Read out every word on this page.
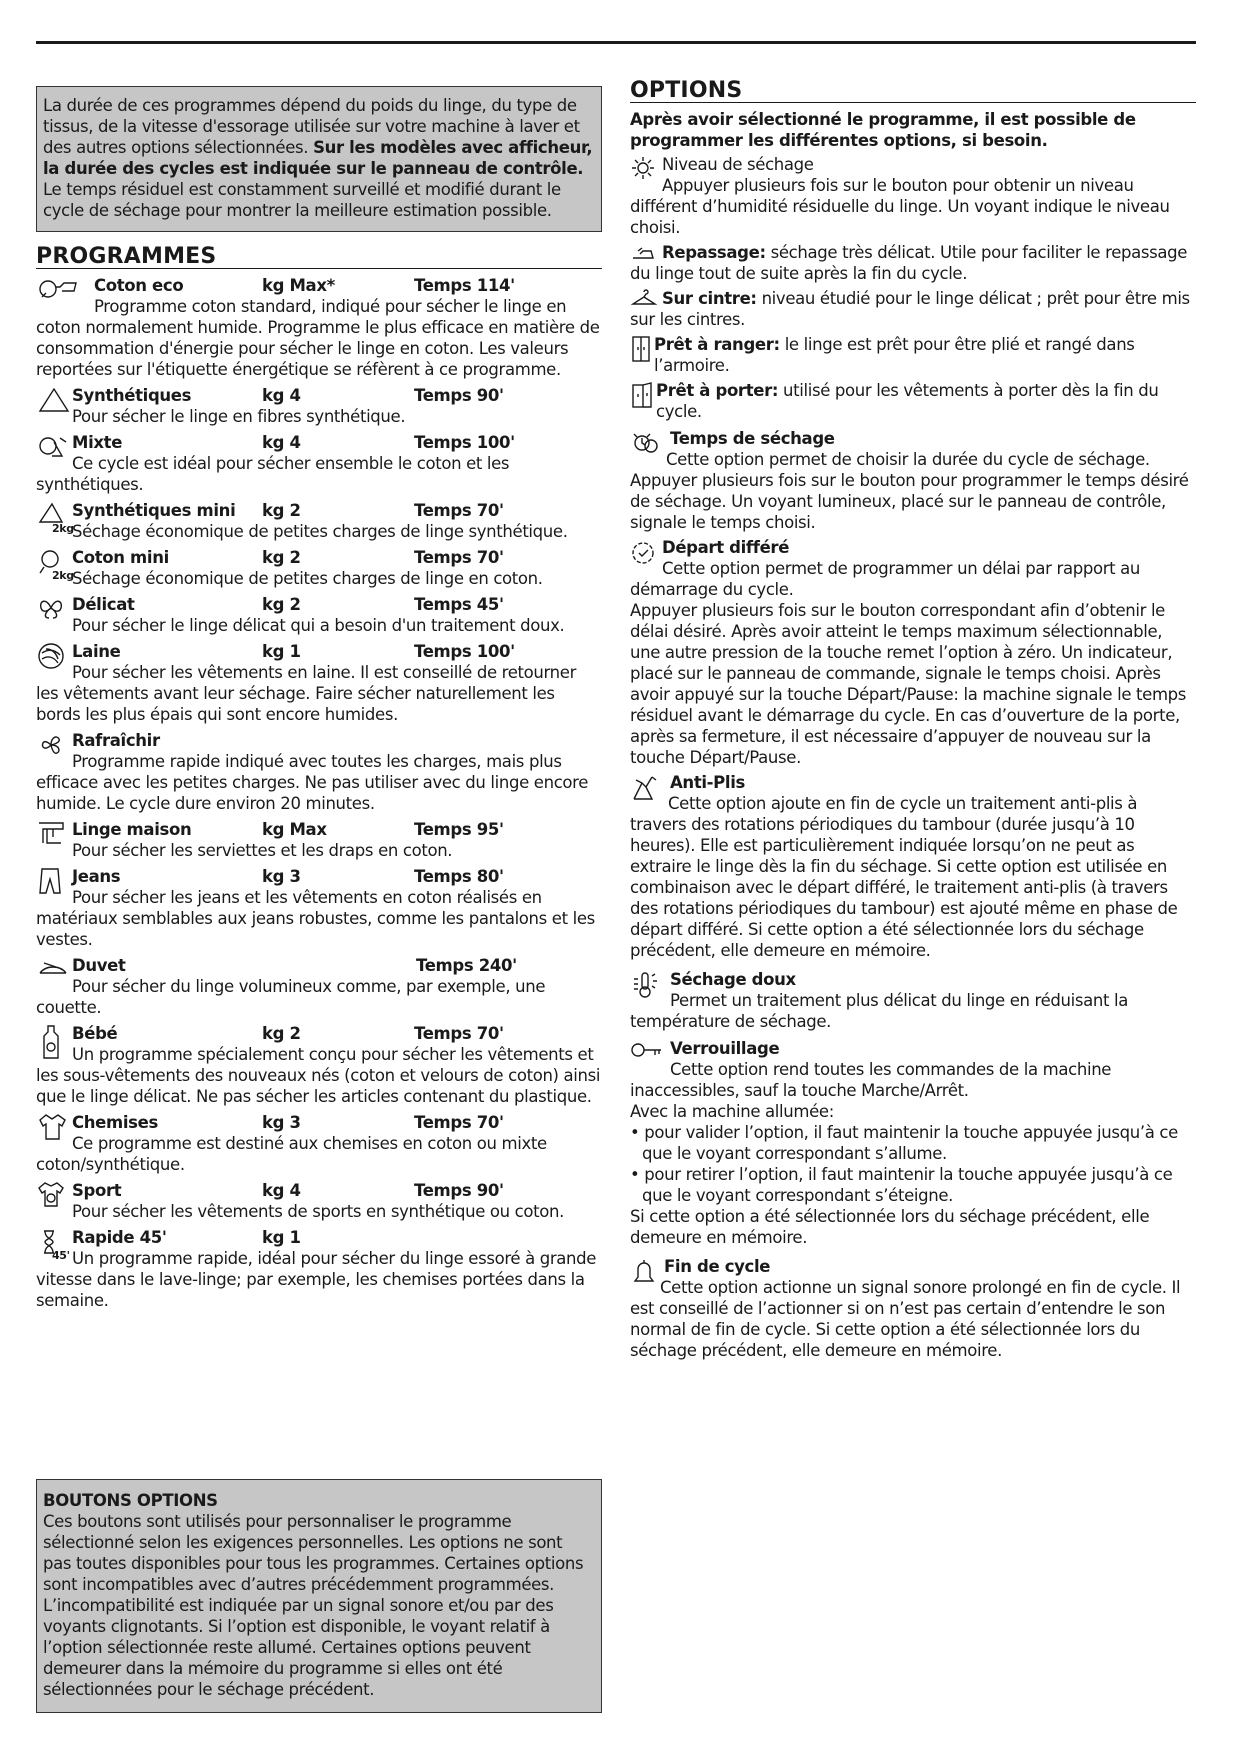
La durée de ces programmes dépend du poids du linge, du type de tissus, de la vitesse d'essorage utilisée sur votre machine à laver et des autres options sélectionnées. Sur les modèles avec afficheur, la durée des cycles est indiquée sur le panneau de contrôle. Le temps résiduel est constamment surveillé et modifié durant le cycle de séchage pour montrer la meilleure estimation possible.
PROGRAMMES
Coton eco	kg Max*	Temps 114'
Programme coton standard, indiqué pour sécher le linge en coton normalement humide. Programme le plus efficace en matière de consommation d'énergie pour sécher le linge en coton. Les valeurs reportées sur l'étiquette énergétique se réfèrent à ce programme.
Synthétiques	kg 4	Temps 90'
Pour sécher le linge en fibres synthétique.
Mixte	kg 4	Temps 100'
Ce cycle est idéal pour sécher ensemble le coton et les synthétiques.
2kg
Synthétiques mini	kg 2	Temps 70'
Séchage économique de petites charges de linge synthétique.
2kg
Coton mini	kg 2	Temps 70'
Séchage économique de petites charges de linge en coton.
Délicat	kg 2	Temps 45'
Pour sécher le linge délicat qui a besoin d'un traitement doux.
Laine	kg 1	Temps 100'
Pour sécher les vêtements en laine. Il est conseillé de retourner les vêtements avant leur séchage. Faire sécher naturellement les bords les plus épais qui sont encore humides.
Rafraîchir
Programme rapide indiqué avec toutes les charges, mais plus efficace avec les petites charges. Ne pas utiliser avec du linge encore humide. Le cycle dure environ 20 minutes.
Linge maison	kg Max	Temps 95'
Pour sécher les serviettes et les draps en coton.
Jeans	kg 3	Temps 80'
Pour sécher les jeans et les vêtements en coton réalisés en matériaux semblables aux jeans robustes, comme les pantalons et les vestes.
Duvet	Temps 240'
Pour sécher du linge volumineux comme, par exemple, une couette.
Bébé	kg 2	Temps 70'
Un programme spécialement conçu pour sécher les vêtements et les sous-vêtements des nouveaux nés (coton et velours de coton) ainsi que le linge délicat. Ne pas sécher les articles contenant du plastique.
Chemises	kg 3	Temps 70'
Ce programme est destiné aux chemises en coton ou mixte coton/synthétique.
Sport	kg 4	Temps 90'
Pour sécher les vêtements de sports en synthétique ou coton.
45'
Rapide 45'	kg 1
Un programme rapide, idéal pour sécher du linge essoré à grande vitesse dans le lave-linge; par exemple, les chemises portées dans la semaine.
BOUTONS OPTIONS
Ces boutons sont utilisés pour personnaliser le programme sélectionné selon les exigences personnelles. Les options ne sont pas toutes disponibles pour tous les programmes. Certaines options sont incompatibles avec d’autres précédemment programmées. L’incompatibilité est indiquée par un signal sonore et/ou par des voyants clignotants. Si l’option est disponible, le voyant relatif à l’option sélectionnée reste allumé. Certaines options peuvent demeurer dans la mémoire du programme si elles ont été sélectionnées pour le séchage précédent.
OPTIONS
Après avoir sélectionné le programme, il est possible de programmer les différentes options, si besoin.
Niveau de séchage
Appuyer plusieurs fois sur le bouton pour obtenir un niveau différent d’humidité résiduelle du linge. Un voyant indique le niveau choisi.
Repassage: séchage très délicat. Utile pour faciliter le repassage du linge tout de suite après la fin du cycle.
Sur cintre: niveau étudié pour le linge délicat ; prêt pour être mis sur les cintres.
Prêt à ranger: le linge est prêt pour être plié et rangé dans l’armoire.
Prêt à porter: utilisé pour les vêtements à porter dès la fin du cycle.
Temps de séchage
Cette option permet de choisir la durée du cycle de séchage. Appuyer plusieurs fois sur le bouton pour programmer le temps désiré de séchage. Un voyant lumineux, placé sur le panneau de contrôle, signale le temps choisi.
Départ différé
Cette option permet de programmer un délai par rapport au démarrage du cycle.
Appuyer plusieurs fois sur le bouton correspondant afin d’obtenir le délai désiré. Après avoir atteint le temps maximum sélectionnable, une autre pression de la touche remet l’option à zéro. Un indicateur, placé sur le panneau de commande, signale le temps choisi. Après avoir appuyé sur la touche Départ/Pause: la machine signale le temps résiduel avant le démarrage du cycle. En cas d’ouverture de la porte, après sa fermeture, il est nécessaire d’appuyer de nouveau sur la touche Départ/Pause.
Anti-Plis
Cette option ajoute en fin de cycle un traitement anti-plis à travers des rotations périodiques du tambour (durée jusqu’à 10 heures). Elle est particulièrement indiquée lorsqu’on ne peut as extraire le linge dès la fin du séchage. Si cette option est utilisée en combinaison avec le départ différé, le traitement anti-plis (à travers des rotations périodiques du tambour) est ajouté même en phase de départ différé. Si cette option a été sélectionnée lors du séchage précédent, elle demeure en mémoire.
Séchage doux
Permet un traitement plus délicat du linge en réduisant la température de séchage.
Verrouillage
Cette option rend toutes les commandes de la machine inaccessibles, sauf la touche Marche/Arrêt.
Avec la machine allumée:
• pour valider l’option, il faut maintenir la touche appuyée jusqu’à ce que le voyant correspondant s’allume.
• pour retirer l’option, il faut maintenir la touche appuyée jusqu’à ce que le voyant correspondant s’éteigne.
Si cette option a été sélectionnée lors du séchage précédent, elle demeure en mémoire.
Fin de cycle
Cette option actionne un signal sonore prolongé en fin de cycle. Il est conseillé de l’actionner si on n’est pas certain d’entendre le son normal de fin de cycle. Si cette option a été sélectionnée lors du séchage précédent, elle demeure en mémoire.
